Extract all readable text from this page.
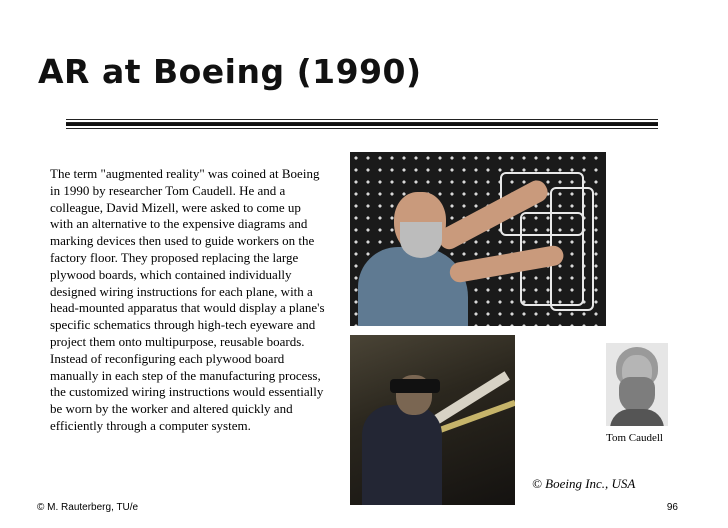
AR at Boeing (1990)
The term "augmented reality" was coined at Boeing in 1990 by researcher Tom Caudell. He and a colleague, David Mizell, were asked to come up with an alternative to the expensive diagrams and marking devices then used to guide workers on the factory floor. They proposed replacing the large plywood boards, which contained individually designed wiring instructions for each plane, with a head-mounted apparatus that would display a plane's specific schematics through high-tech eyeware and project them onto multipurpose, reusable boards. Instead of reconfiguring each plywood board manually in each step of the manufacturing process, the customized wiring instructions would essentially be worn by the worker and altered quickly and efficiently through a computer system.
Tom Caudell
© Boeing Inc., USA
© M. Rauterberg, TU/e	96
